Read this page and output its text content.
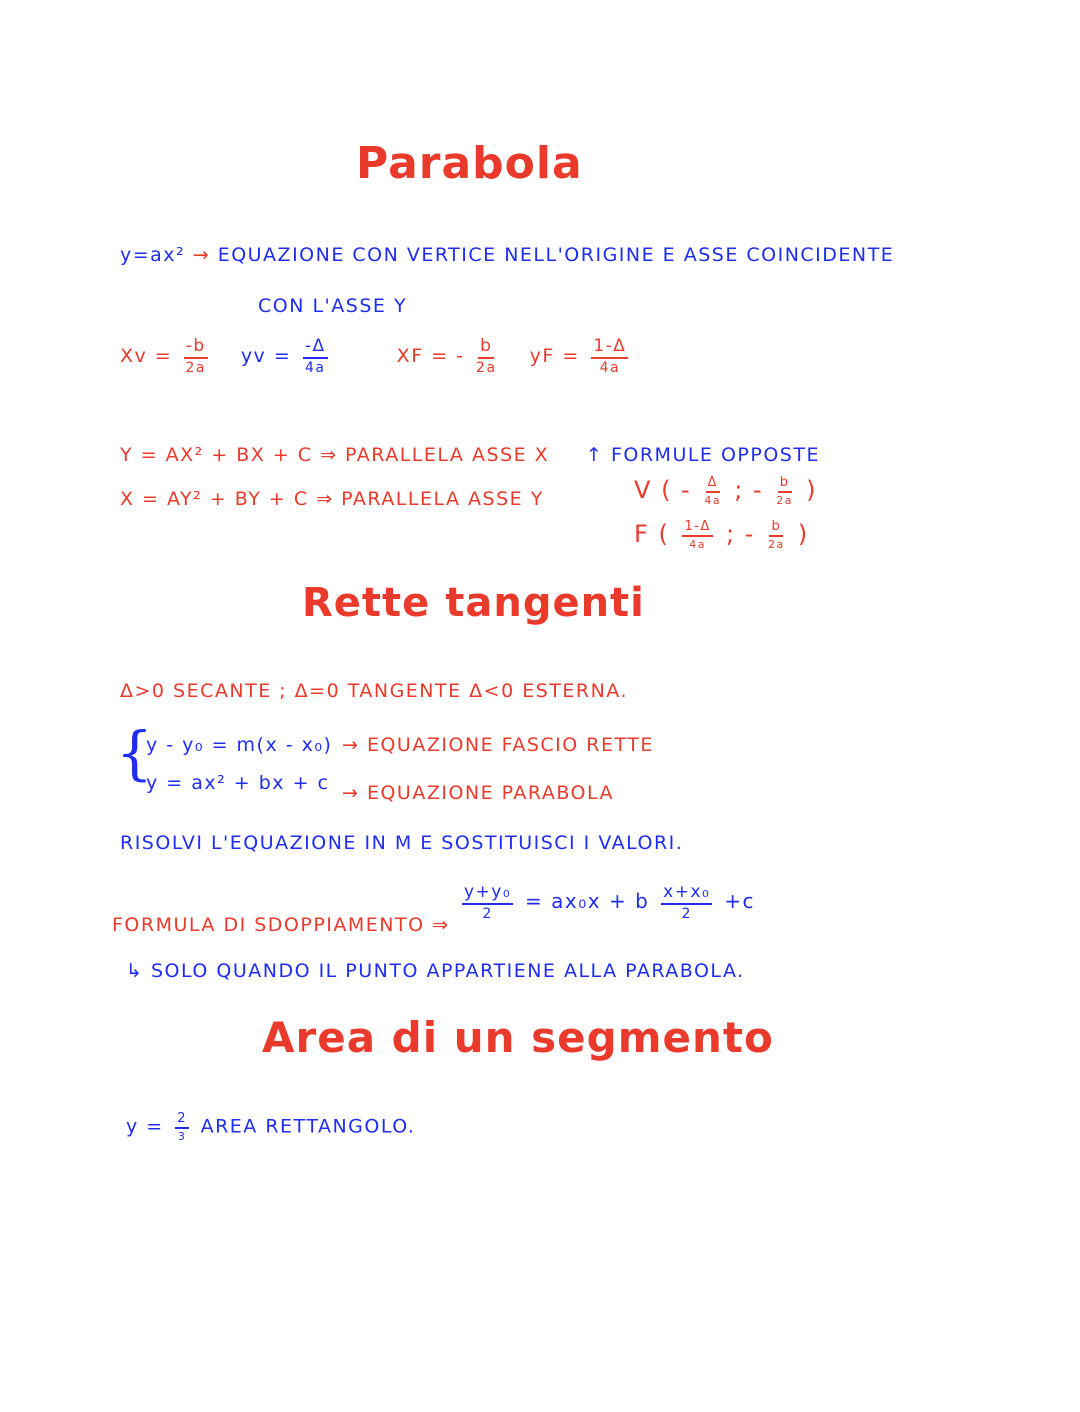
Parabola
Rette tangenti
Area di un segmento
y=ax² → EQUAZIONE CON VERTICE NELL'ORIGINE E ASSE COINCIDENTE
CON L'ASSE Y
$Xv = \frac{-b}{2a}$ yv = $\frac{-\Delta}{4a}$	XF = - $\frac{b}{2a}$ yF = $\frac{1-\Delta}{4a}$
Y = AX² + BX + C ⇒ PARALLELA ASSE X
X = AY² + BY + C ⇒ PARALLELA ASSE Y
↑ FORMULE OPPOSTE
V ( - $\frac{\Delta}{4a}$ ; - $\frac{b}{2a}$ )
F ( $\frac{1-\Delta}{4a}$ ; - $\frac{b}{2a}$ )
Δ>0 SECANTE ; Δ=0 TANGENTE Δ<0 ESTERNA.
{
y - y₀ = m(x - x₀) → EQUAZIONE FASCIO RETTE
y = ax² + bx + c → EQUAZIONE PARABOLA
RISOLVI L'EQUAZIONE IN M E SOSTITUISCI I VALORI.
FORMULA DI SDOPPIAMENTO ⇒
$\frac{\text{y+y₀}}{2} = ax_0x + b \frac{\text{x+x₀}}{2} +c$
↳ SOLO QUANDO IL PUNTO APPARTIENE ALLA PARABOLA.
$y = \frac{2}{3}$ AREA RETTANGOLO.
